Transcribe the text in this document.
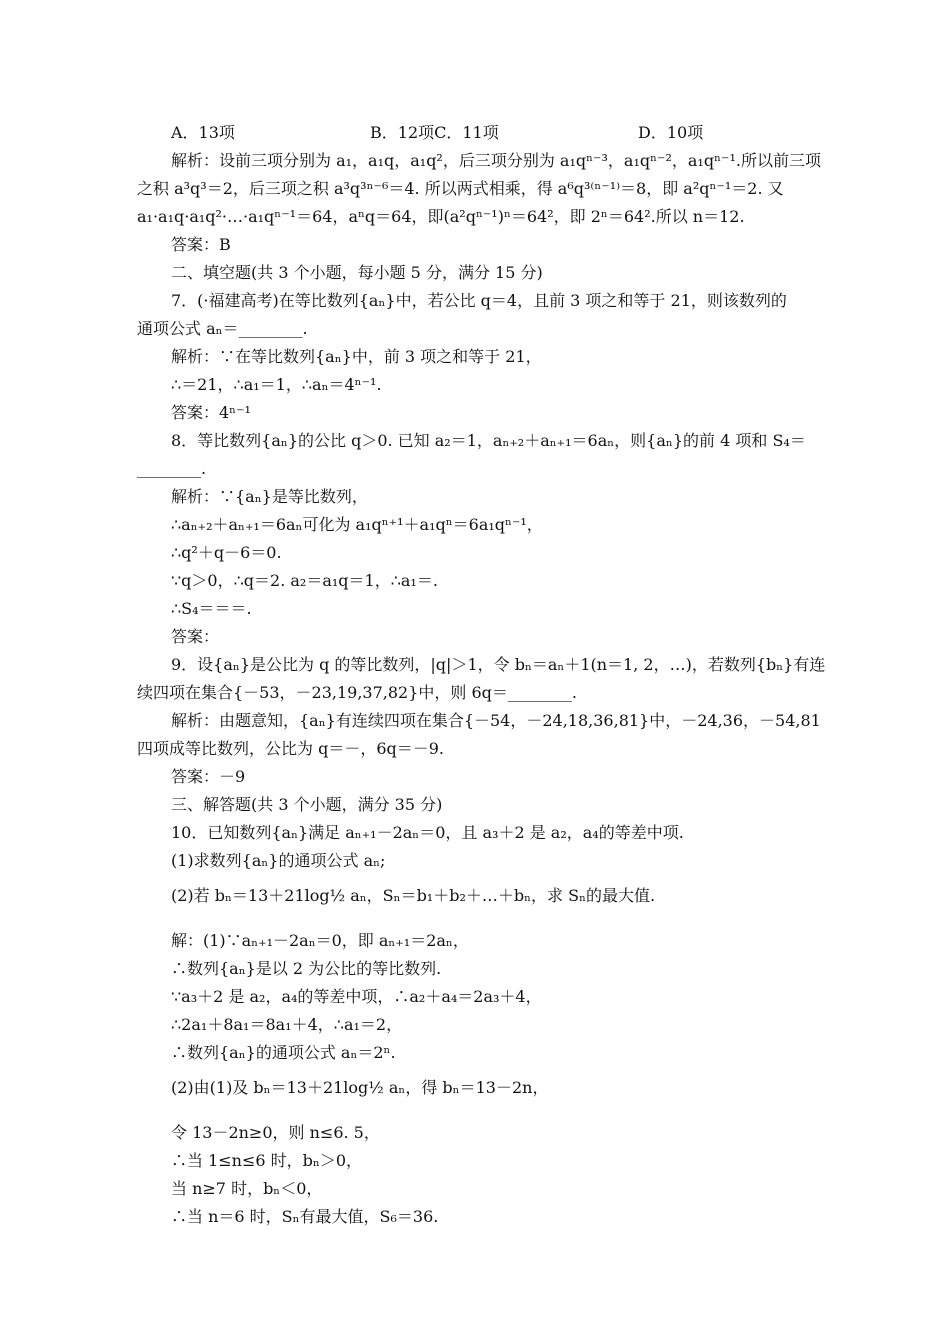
A．13项	B．12项C．11项	D．10项
解析：设前三项分别为 a₁，a₁q，a₁q²，后三项分别为 a₁qⁿ⁻³，a₁qⁿ⁻²，a₁qⁿ⁻¹.所以前三项
之积 a³q³＝2，后三项之积 a³q³ⁿ⁻⁶＝4. 所以两式相乘，得 a⁶q³⁽ⁿ⁻¹⁾＝8，即 a²qⁿ⁻¹＝2. 又
a₁·a₁q·a₁q²·…·a₁qⁿ⁻¹＝64，aⁿq＝64，即(a²qⁿ⁻¹)ⁿ＝64²，即 2ⁿ＝64².所以 n＝12.
答案：B
二、填空题(共 3 个小题，每小题 5 分，满分 15 分)
7．(·福建高考)在等比数列{aₙ}中，若公比 q＝4，且前 3 项之和等于 21，则该数列的
通项公式 aₙ＝________.
解析：∵在等比数列{aₙ}中，前 3 项之和等于 21，
∴＝21，∴a₁＝1，∴aₙ＝4ⁿ⁻¹.
答案：4ⁿ⁻¹
8．等比数列{aₙ}的公比 q＞0. 已知 a₂＝1，aₙ₊₂＋aₙ₊₁＝6aₙ，则{aₙ}的前 4 项和 S₄＝
________.
解析：∵{aₙ}是等比数列，
∴aₙ₊₂＋aₙ₊₁＝6aₙ可化为 a₁qⁿ⁺¹＋a₁qⁿ＝6a₁qⁿ⁻¹，
∴q²＋q－6＝0.
∵q＞0，∴q＝2. a₂＝a₁q＝1，∴a₁＝.
∴S₄＝＝＝.
答案：
9．设{aₙ}是公比为 q 的等比数列，|q|＞1，令 bₙ＝aₙ＋1(n＝1, 2，…)，若数列{bₙ}有连
续四项在集合{－53，－23,19,37,82}中，则 6q＝________.
解析：由题意知，{aₙ}有连续四项在集合{－54，－24,18,36,81}中，－24,36，－54,81
四项成等比数列，公比为 q＝－，6q＝－9.
答案：－9
三、解答题(共 3 个小题，满分 35 分)
10．已知数列{aₙ}满足 aₙ₊₁－2aₙ＝0，且 a₃＋2 是 a₂，a₄的等差中项.
(1)求数列{aₙ}的通项公式 aₙ;
(2)若 bₙ＝13＋21log½ aₙ，Sₙ＝b₁＋b₂＋…＋bₙ，求 Sₙ的最大值.
解：(1)∵aₙ₊₁－2aₙ＝0，即 aₙ₊₁＝2aₙ，
∴数列{aₙ}是以 2 为公比的等比数列.
∵a₃＋2 是 a₂，a₄的等差中项，∴a₂＋a₄＝2a₃＋4，
∴2a₁＋8a₁＝8a₁＋4，∴a₁＝2，
∴数列{aₙ}的通项公式 aₙ＝2ⁿ.
(2)由(1)及 bₙ＝13＋21log½ aₙ，得 bₙ＝13－2n，
令 13－2n≥0，则 n≤6. 5，
∴当 1≤n≤6 时，bₙ＞0，
当 n≥7 时，bₙ＜0，
∴当 n＝6 时，Sₙ有最大值，S₆＝36.
